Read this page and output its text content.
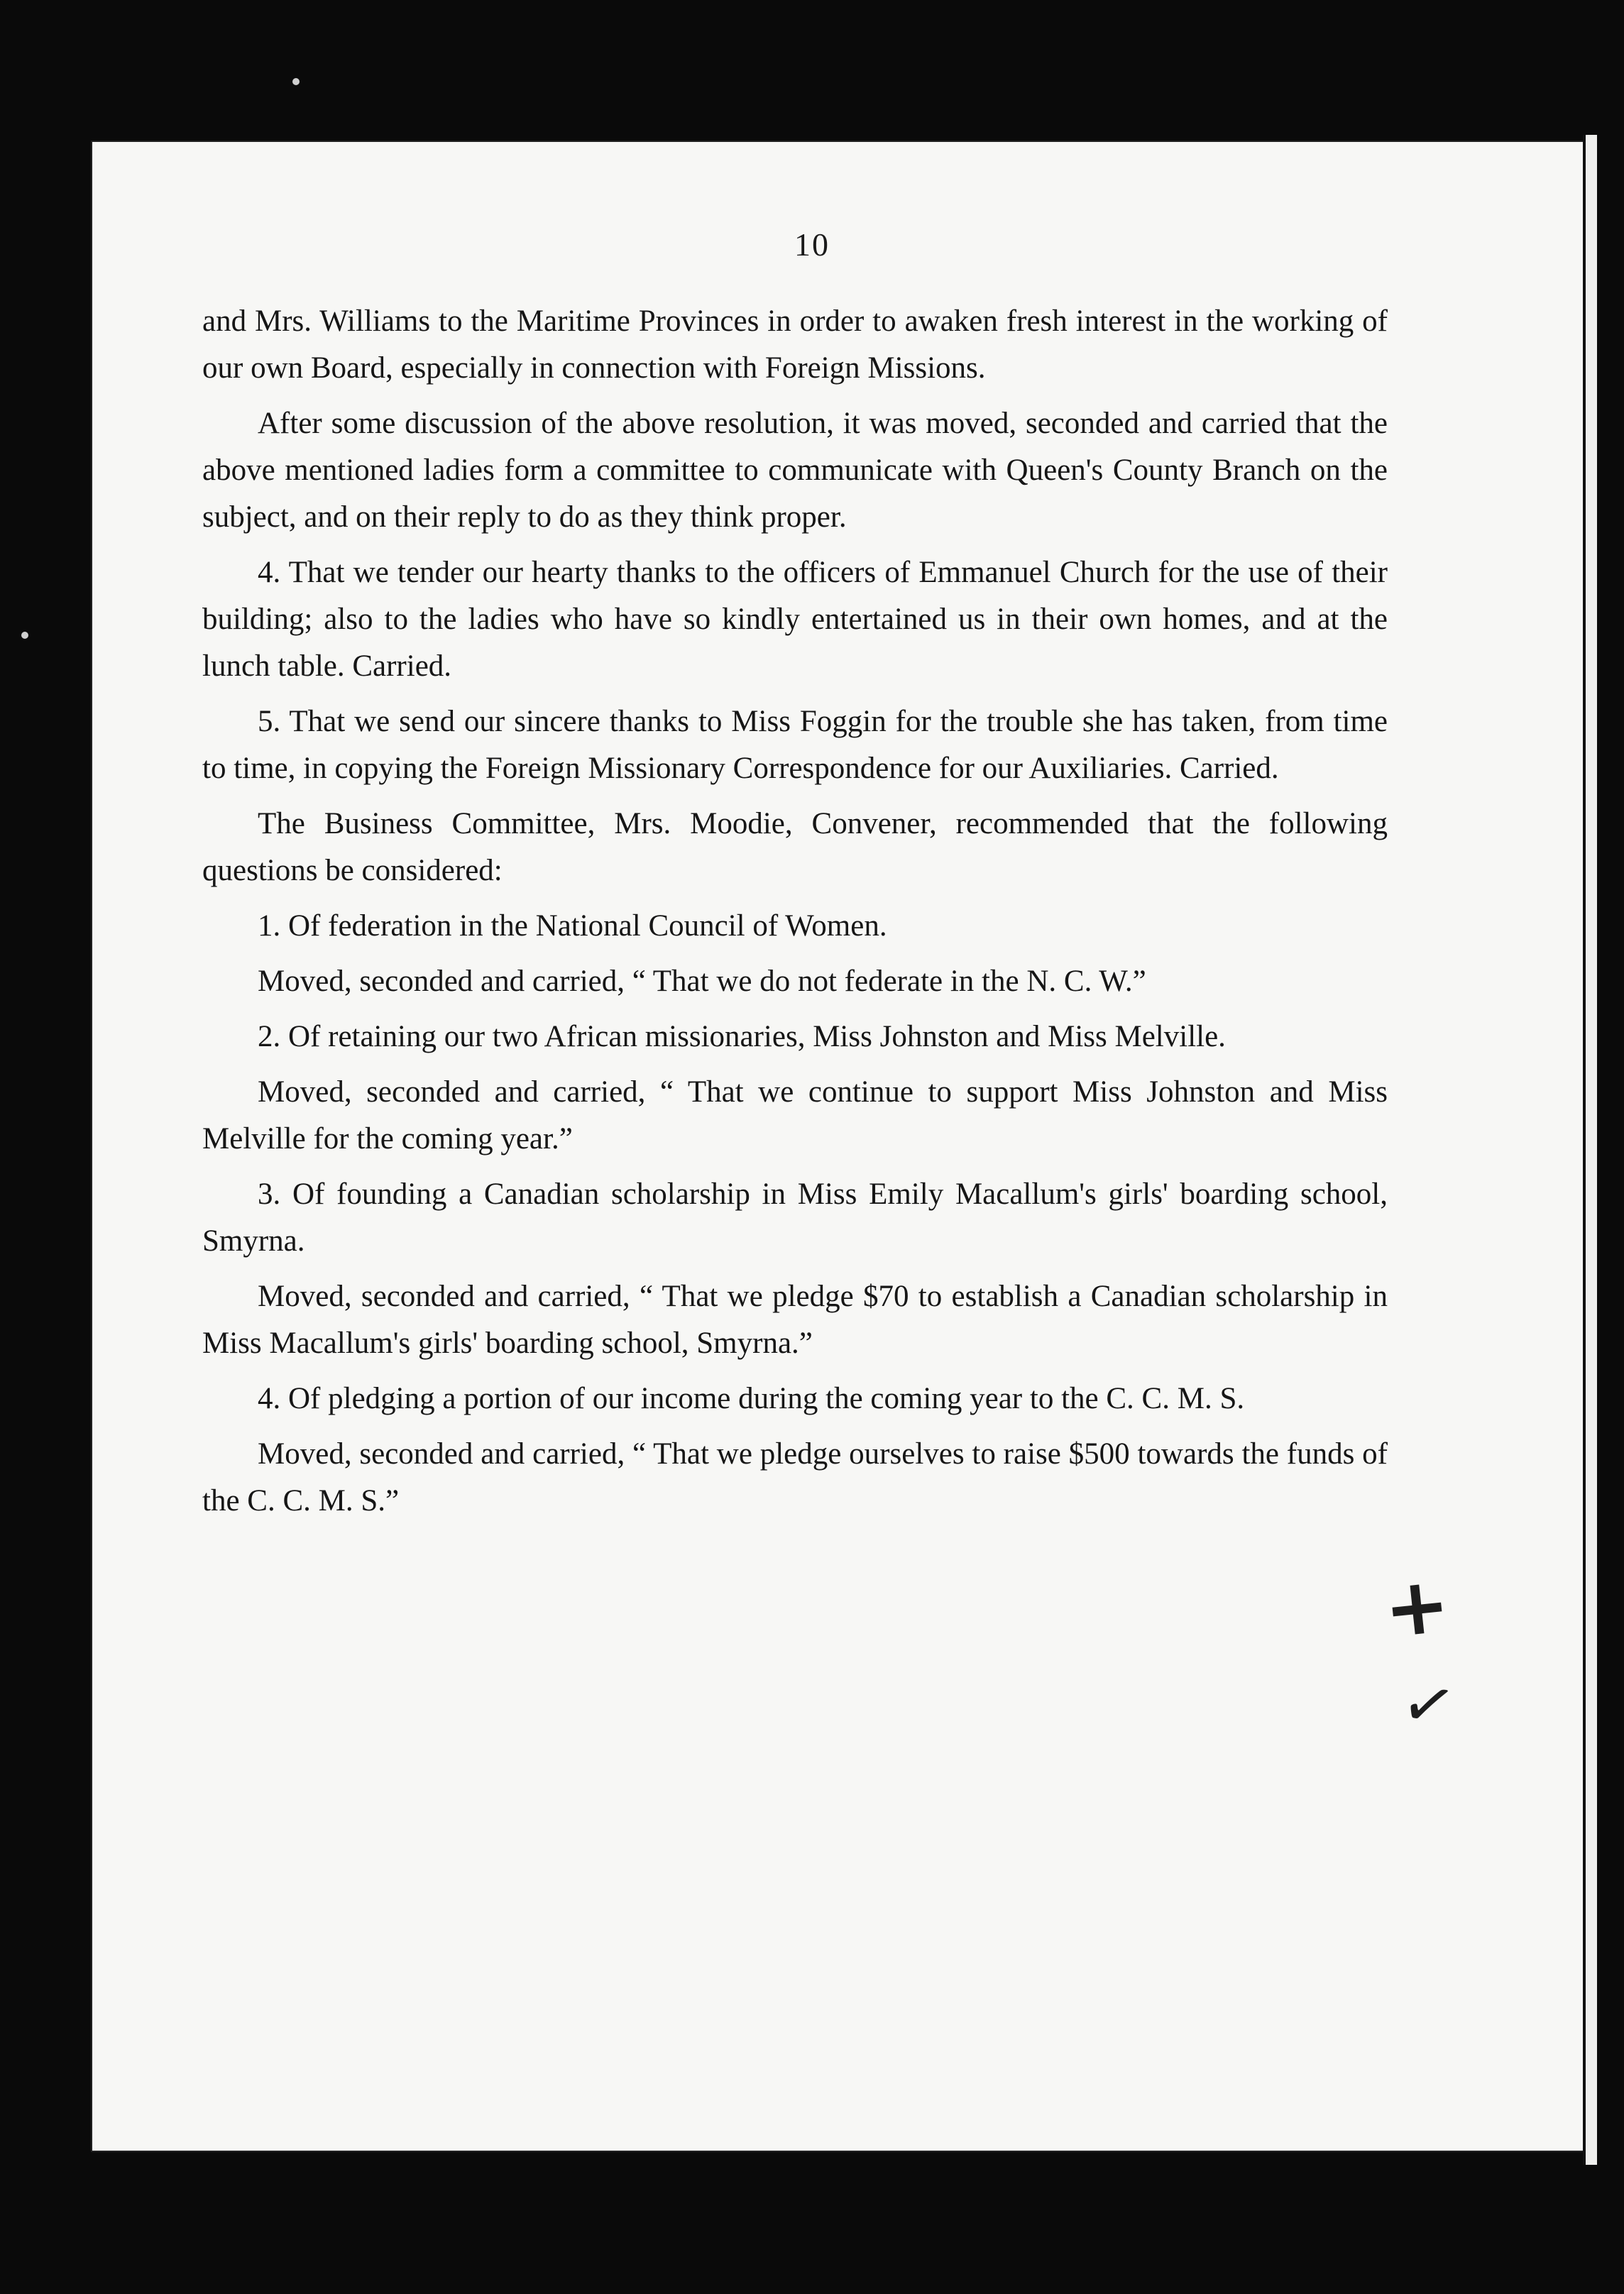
10

and Mrs. Williams to the Maritime Provinces in order to awaken fresh interest in the working of our own Board, especially in connection with Foreign Missions.

After some discussion of the above resolution, it was moved, seconded and carried that the above mentioned ladies form a committee to communicate with Queen's County Branch on the subject, and on their reply to do as they think proper.

4. That we tender our hearty thanks to the officers of Emmanuel Church for the use of their building; also to the ladies who have so kindly entertained us in their own homes, and at the lunch table. Carried.

5. That we send our sincere thanks to Miss Foggin for the trouble she has taken, from time to time, in copying the Foreign Missionary Correspondence for our Auxiliaries. Carried.

The Business Committee, Mrs. Moodie, Convener, recommended that the following questions be considered:

1. Of federation in the National Council of Women.

Moved, seconded and carried, “ That we do not federate in the N. C. W.”

2. Of retaining our two African missionaries, Miss Johnston and Miss Melville.

Moved, seconded and carried, “ That we continue to support Miss Johnston and Miss Melville for the coming year.”

3. Of founding a Canadian scholarship in Miss Emily Macallum's girls' boarding school, Smyrna.

Moved, seconded and carried, “ That we pledge $70 to establish a Canadian scholarship in Miss Macallum's girls' boarding school, Smyrna.”

4. Of pledging a portion of our income during the coming year to the C. C. M. S.

Moved, seconded and carried, “ That we pledge ourselves to raise $500 towards the funds of the C. C. M. S.”

+
✓
